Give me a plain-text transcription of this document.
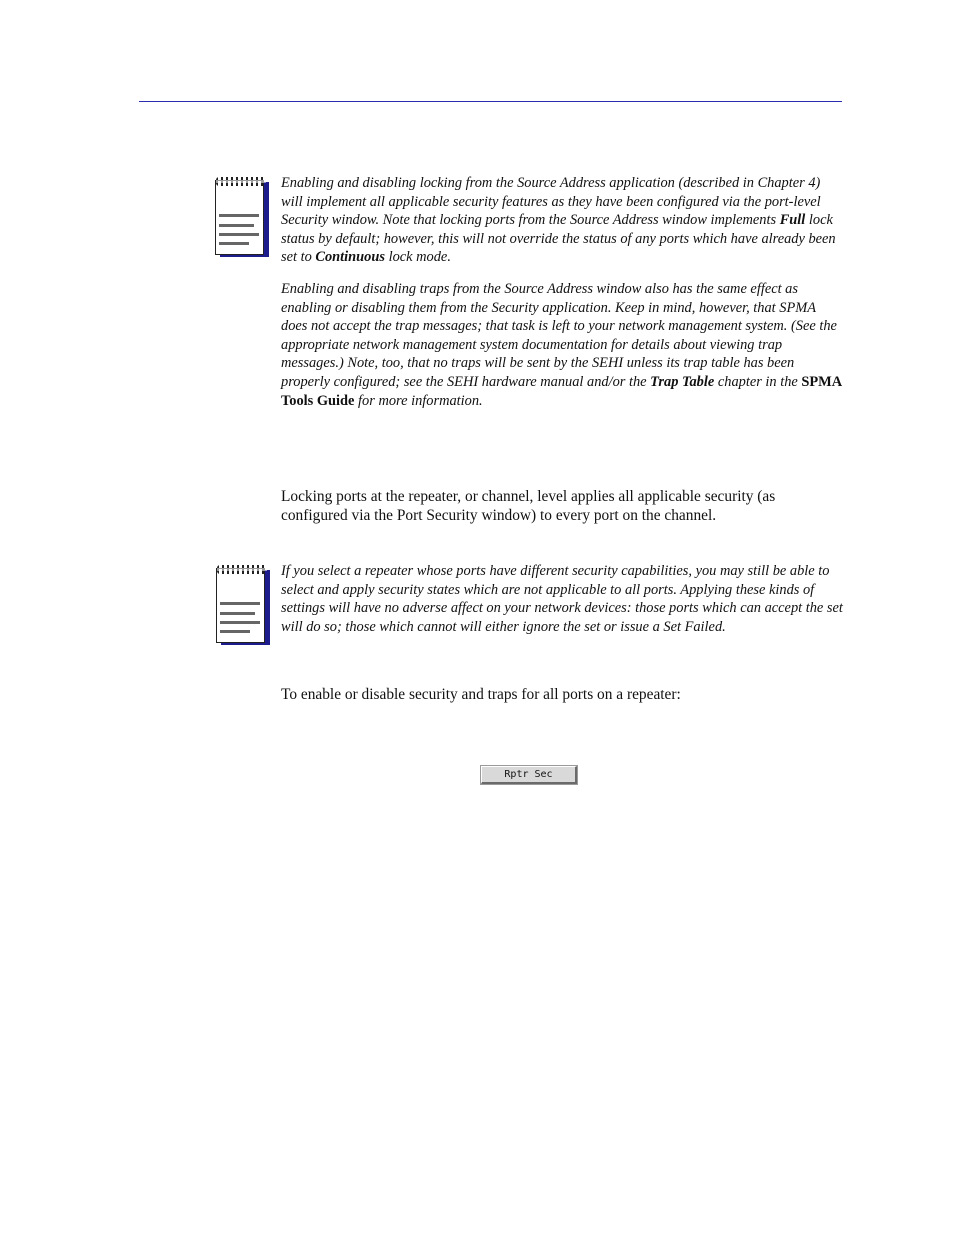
Enabling and disabling locking from the Source Address application (described in Chapter 4) will implement all applicable security features as they have been configured via the port-level Security window. Note that locking ports from the Source Address window implements Full lock status by default; however, this will not override the status of any ports which have already been set to Continuous lock mode.

Enabling and disabling traps from the Source Address window also has the same effect as enabling or disabling them from the Security application. Keep in mind, however, that SPMA does not accept the trap messages; that task is left to your network management system. (See the appropriate network management system documentation for details about viewing trap messages.) Note, too, that no traps will be sent by the SEHI unless its trap table has been properly configured; see the SEHI hardware manual and/or the Trap Table chapter in the SPMA Tools Guide for more information.

Locking ports at the repeater, or channel, level applies all applicable security (as configured via the Port Security window) to every port on the channel.

If you select a repeater whose ports have different security capabilities, you may still be able to select and apply security states which are not applicable to all ports. Applying these kinds of settings will have no adverse affect on your network devices: those ports which can accept the set will do so; those which cannot will either ignore the set or issue a Set Failed.

To enable or disable security and traps for all ports on a repeater:

Rptr Sec
